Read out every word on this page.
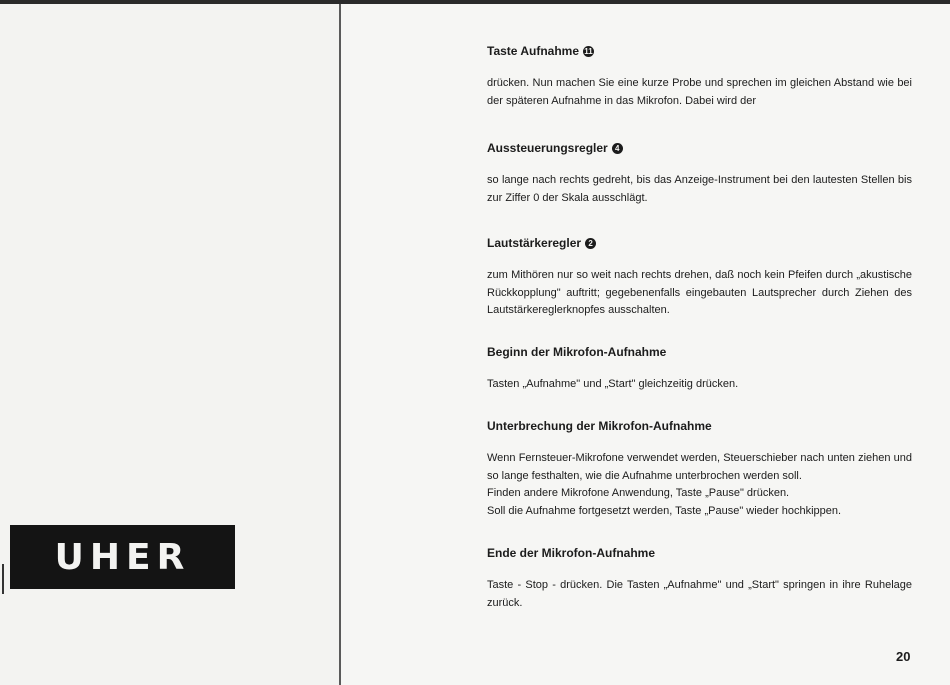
UHER
Taste Aufnahme 11

drücken. Nun machen Sie eine kurze Probe und sprechen im gleichen Abstand wie bei der späteren Aufnahme in das Mikrofon. Dabei wird der

Aussteuerungsregler 4

so lange nach rechts gedreht, bis das Anzeige-Instrument bei den lautesten Stellen bis zur Ziffer 0 der Skala ausschlägt.

Lautstärkeregler 2

zum Mithören nur so weit nach rechts drehen, daß noch kein Pfeifen durch „akustische Rückkopplung" auftritt; gegebenenfalls eingebauten Lautsprecher durch Ziehen des Lautstärkereglerknopfes ausschalten.

Beginn der Mikrofon-Aufnahme

Tasten „Aufnahme" und „Start" gleichzeitig drücken.

Unterbrechung der Mikrofon-Aufnahme

Wenn Fernsteuer-Mikrofone verwendet werden, Steuerschieber nach unten ziehen und so lange festhalten, wie die Aufnahme unterbrochen werden soll.

Finden andere Mikrofone Anwendung, Taste „Pause" drücken.

Soll die Aufnahme fortgesetzt werden, Taste „Pause" wieder hochkippen.

Ende der Mikrofon-Aufnahme

Taste - Stop - drücken. Die Tasten „Aufnahme" und „Start" springen in ihre Ruhelage zurück.

20
